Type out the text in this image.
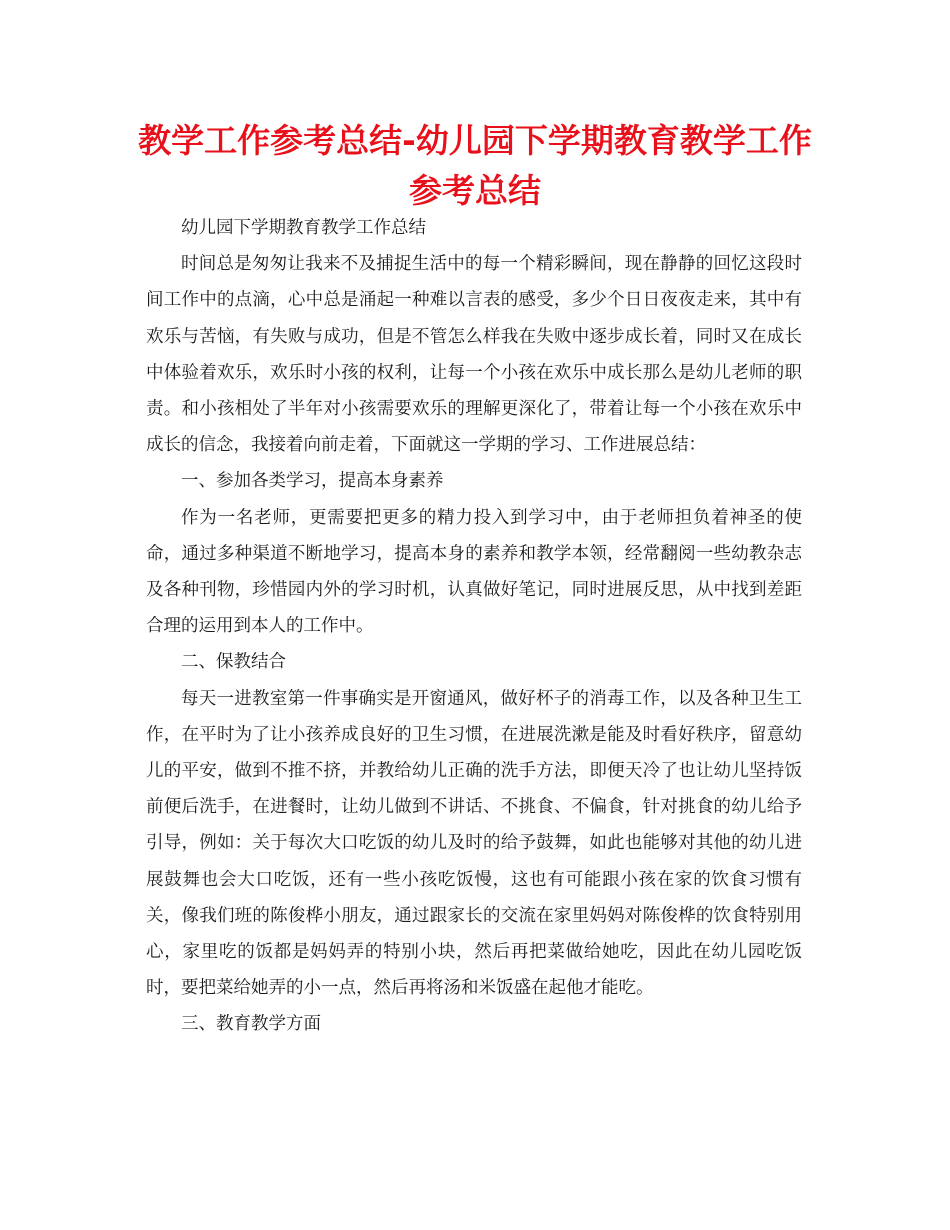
教学工作参考总结-幼儿园下学期教育教学工作参考总结

幼儿园下学期教育教学工作总结

时间总是匆匆让我来不及捕捉生活中的每一个精彩瞬间，现在静静的回忆这段时间工作中的点滴，心中总是涌起一种难以言表的感受，多少个日日夜夜走来，其中有欢乐与苦恼，有失败与成功，但是不管怎么样我在失败中逐步成长着，同时又在成长中体验着欢乐，欢乐时小孩的权利，让每一个小孩在欢乐中成长那么是幼儿老师的职责。和小孩相处了半年对小孩需要欢乐的理解更深化了，带着让每一个小孩在欢乐中成长的信念，我接着向前走着，下面就这一学期的学习、工作进展总结：

一、参加各类学习，提高本身素养

作为一名老师，更需要把更多的精力投入到学习中，由于老师担负着神圣的使命，通过多种渠道不断地学习，提高本身的素养和教学本领，经常翻阅一些幼教杂志及各种刊物，珍惜园内外的学习时机，认真做好笔记，同时进展反思，从中找到差距合理的运用到本人的工作中。

二、保教结合

每天一进教室第一件事确实是开窗通风，做好杯子的消毒工作，以及各种卫生工作，在平时为了让小孩养成良好的卫生习惯，在进展洗漱是能及时看好秩序，留意幼儿的平安，做到不推不挤，并教给幼儿正确的洗手方法，即便天冷了也让幼儿坚持饭前便后洗手，在进餐时，让幼儿做到不讲话、不挑食、不偏食，针对挑食的幼儿给予引导，例如：关于每次大口吃饭的幼儿及时的给予鼓舞，如此也能够对其他的幼儿进展鼓舞也会大口吃饭，还有一些小孩吃饭慢，这也有可能跟小孩在家的饮食习惯有关，像我们班的陈俊桦小朋友，通过跟家长的交流在家里妈妈对陈俊桦的饮食特别用心，家里吃的饭都是妈妈弄的特别小块，然后再把菜做给她吃，因此在幼儿园吃饭时，要把菜给她弄的小一点，然后再将汤和米饭盛在起他才能吃。

三、教育教学方面
